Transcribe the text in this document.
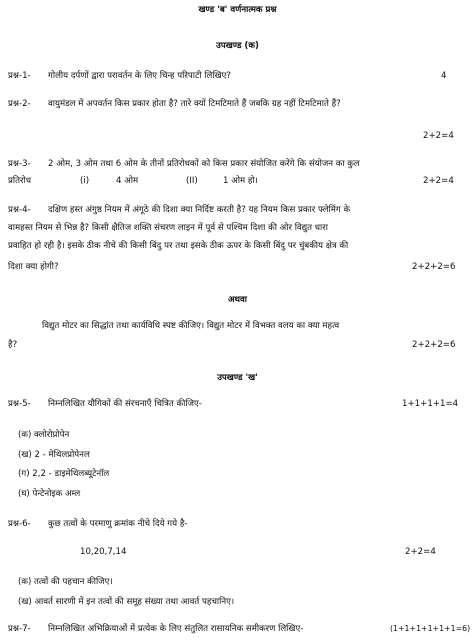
खण्ड 'ब' वर्णनात्मक प्रश्न
उपखण्ड (क)
प्रश्न-1- गोलीय दर्पणों द्वारा परावर्तन के लिए चिन्ह परिपाटी लिखिए?	4
प्रश्न-2- वायुमंडल में अपवर्तन किस प्रकार होता है? तारे क्यों टिमटिमाते हैं जबकि ग्रह नहीं टिमटिमाते हैं?
2+2=4
प्रश्न-3- 2 ओम, 3 ओम तथा 6 ओम के तीनों प्रतिरोधकों को किस प्रकार संयोजित करेंगे कि संयोजन का कुल
प्रतिरोध	(i)	4 ओम	(II)	1 ओम हो।	2+2=4
प्रश्न-4- दक्षिण हस्त अंगुष्ठ नियम में अंगूठे की दिशा क्या निर्दिष्ट करती है? यह नियम किस प्रकार फ्लेमिंग के
वामहस्त नियम से भिन्न है? किसी क्षैतिज शक्ति संचरण लाइन में पूर्व से पश्चिम दिशा की ओर विद्युत धारा
प्रवाहित हो रही है। इसके ठीक नीचे की किसी बिंदु पर तथा इसके ठीक ऊपर के किसी बिंदु पर चुंबकीय क्षेत्र की
दिशा क्या होगी?	2+2+2=6
अथवा
विद्युत मोटर का सिद्धांत तथा कार्यविधि स्पष्ट कीजिए। विद्युत मोटर में विभक्त वलय का क्या महत्व
है?	2+2+2=6
उपखण्ड 'ख'
प्रश्न-5- निम्नलिखित यौगिकों की संरचनाएँ चित्रित कीजिए-	1+1+1+1=4
(क) क्लोरोप्रोपेन
(ख) 2 - मेथिलप्रोपेनल
(ग) 2,2 - डाइमेथिलब्यूटेनॉल
(घ) पेन्टेनोइक अम्ल
प्रश्न-6- कुछ तत्वों के परमाणु क्रमांक नीचे दिये गये है-
10,20,7,14	2+2=4
(क) तत्वों की पहचान कीजिए।
(ख) आवर्त सारणी में इन तत्वों की समूह संख्या तथा आवर्त पहचानिए।
प्रश्न-7- निम्नलिखित अभिक्रियाओं में प्रत्येक के लिए संतुलित रासायनिक समीकरण लिखिए-	(1+1+1+1+1+1=6)
